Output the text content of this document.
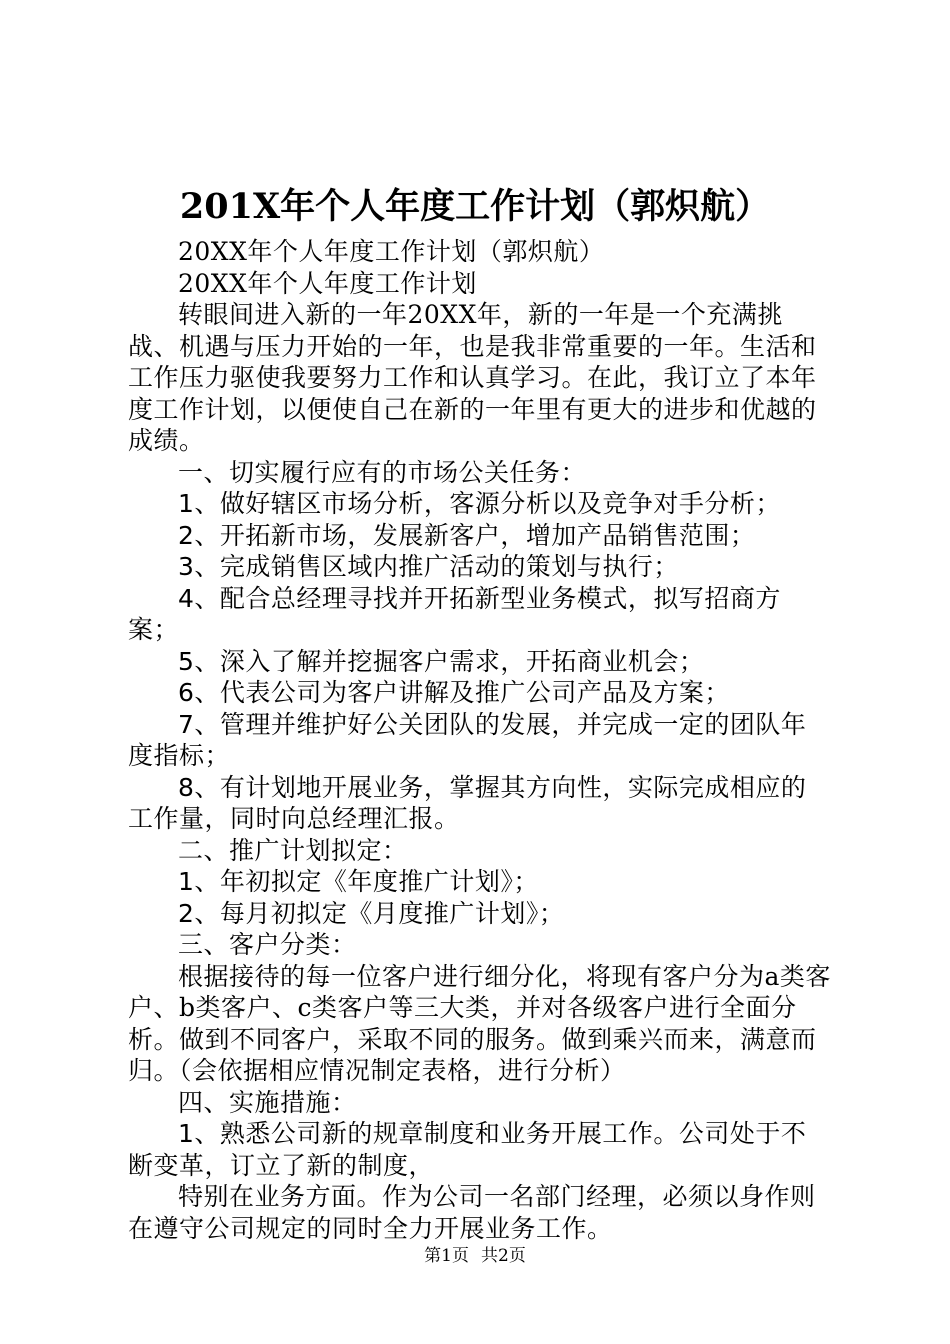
201X年个人年度工作计划（郭炽航）

20XX年个人年度工作计划（郭炽航）

20XX年个人年度工作计划

转眼间进入新的一年20XX年，新的一年是一个充满挑战、机遇与压力开始的一年，也是我非常重要的一年。生活和工作压力驱使我要努力工作和认真学习。在此，我订立了本年度工作计划，以便使自己在新的一年里有更大的进步和优越的成绩。

一、切实履行应有的市场公关任务：

1、做好辖区市场分析，客源分析以及竞争对手分析；

2、开拓新市场，发展新客户，增加产品销售范围；

3、完成销售区域内推广活动的策划与执行；

4、配合总经理寻找并开拓新型业务模式，拟写招商方案；

5、深入了解并挖掘客户需求，开拓商业机会；

6、代表公司为客户讲解及推广公司产品及方案；

7、管理并维护好公关团队的发展，并完成一定的团队年度指标；

8、有计划地开展业务，掌握其方向性，实际完成相应的工作量，同时向总经理汇报。

二、推广计划拟定：

1、年初拟定《年度推广计划》；

2、每月初拟定《月度推广计划》；

三、客户分类：

根据接待的每一位客户进行细分化，将现有客户分为a类客户、b类客户、c类客户等三大类，并对各级客户进行全面分析。做到不同客户，采取不同的服务。做到乘兴而来，满意而归。（会依据相应情况制定表格，进行分析）

四、实施措施：

1、熟悉公司新的规章制度和业务开展工作。公司处于不断变革，订立了新的制度，

特别在业务方面。作为公司一名部门经理，必须以身作则在遵守公司规定的同时全力开展业务工作。

第1页 共2页
